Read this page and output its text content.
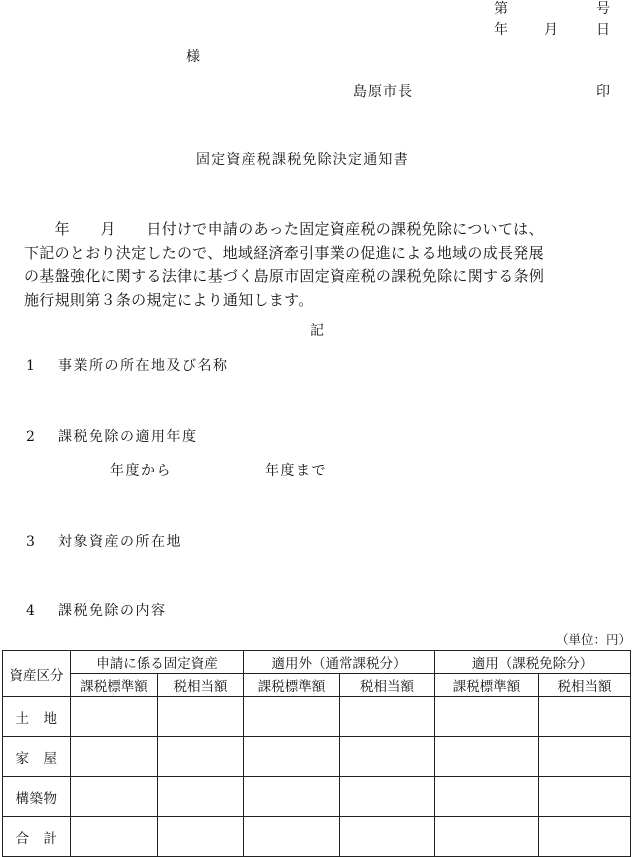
第	号
年	月	日
様
島原市長	印
固定資産税課税免除決定通知書
　　年　　月　　日付けで申請のあった固定資産税の課税免除については、
下記のとおり決定したので、地域経済牽引事業の促進による地域の成長発展
の基盤強化に関する法律に基づく島原市固定資産税の課税免除に関する条例
施行規則第３条の規定により通知します。
記
1 事業所の所在地及び名称
2 課税免除の適用年度
年度から	年度まで
3 対象資産の所在地
4 課税免除の内容
（単位：円）
資産区分	申請に係る固定資産		適用外（通常課税分）		適用（課税免除分）	
	課税標準額	税相当額	課税標準額	税相当額	課税標準額	税相当額
土　地						
家　屋						
構築物						
合　計						
